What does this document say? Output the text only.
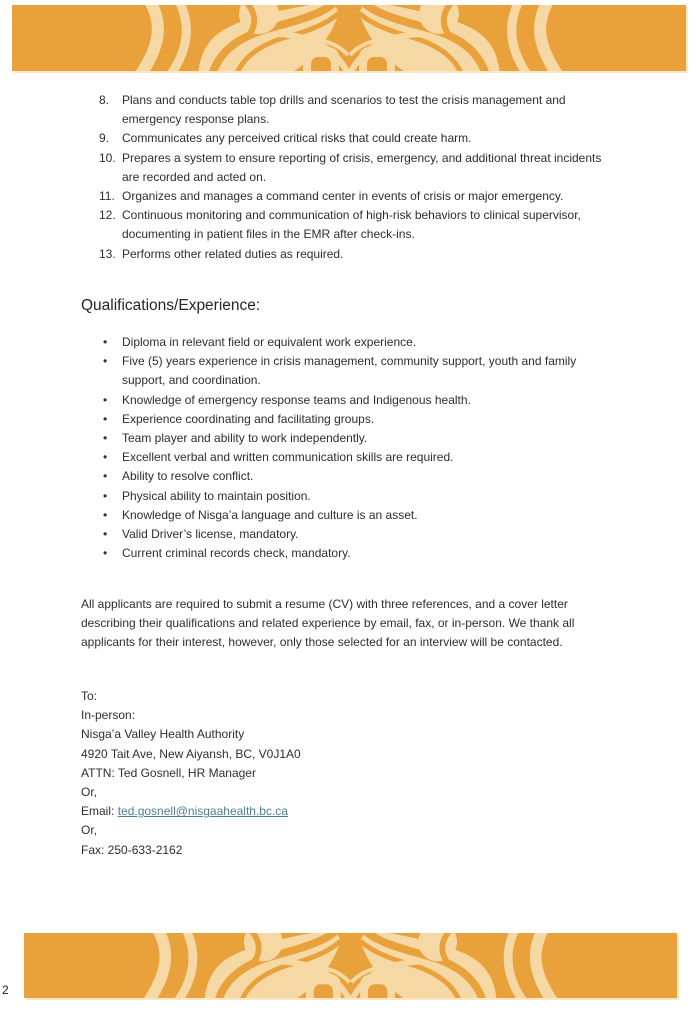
8.	Plans and conducts table top drills and scenarios to test the crisis management and emergency response plans.
9.	Communicates any perceived critical risks that could create harm.
10. Prepares a system to ensure reporting of crisis, emergency, and additional threat incidents are recorded and acted on.
11. Organizes and manages a command center in events of crisis or major emergency.
12. Continuous monitoring and communication of high-risk behaviors to clinical supervisor, documenting in patient files in the EMR after check-ins.
13. Performs other related duties as required.
Qualifications/Experience:
•
Diploma in relevant field or equivalent work experience.
•
Five (5) years experience in crisis management, community support, youth and family support, and coordination.
•
Knowledge of emergency response teams and Indigenous health.
•
Experience coordinating and facilitating groups.
•
Team player and ability to work independently.
•
Excellent verbal and written communication skills are required.
•
Ability to resolve conflict.
•
Physical ability to maintain position.
•
Knowledge of Nisga’a language and culture is an asset.
•
Valid Driver’s license, mandatory.
•
Current criminal records check, mandatory.

All applicants are required to submit a resume (CV) with three references, and a cover letter describing their qualifications and related experience by email, fax, or in-person. We thank all applicants for their interest, however, only those selected for an interview will be contacted.

To:
In-person:
Nisga’a Valley Health Authority
4920 Tait Ave, New Aiyansh, BC, V0J1A0
ATTN: Ted Gosnell, HR Manager
Or,
Email: ted.gosnell@nisgaahealth.bc.ca
Or,
Fax: 250-633-2162
2
